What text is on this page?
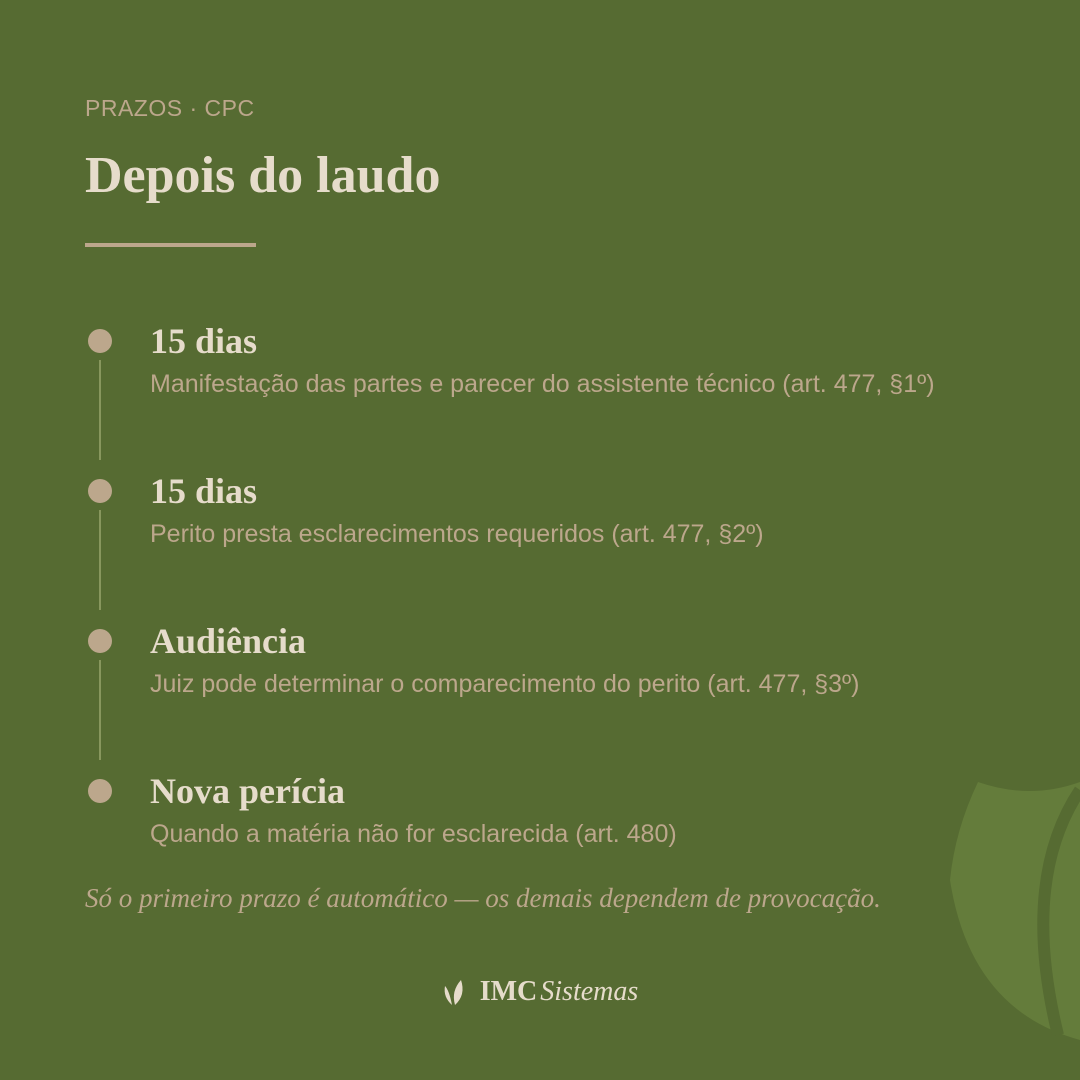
PRAZOS · CPC
Depois do laudo
15 dias
Manifestação das partes e parecer do assistente técnico (art. 477, §1º)
15 dias
Perito presta esclarecimentos requeridos (art. 477, §2º)
Audiência
Juiz pode determinar o comparecimento do perito (art. 477, §3º)
Nova perícia
Quando a matéria não for esclarecida (art. 480)
Só o primeiro prazo é automático — os demais dependem de provocação.
IMC Sistemas
